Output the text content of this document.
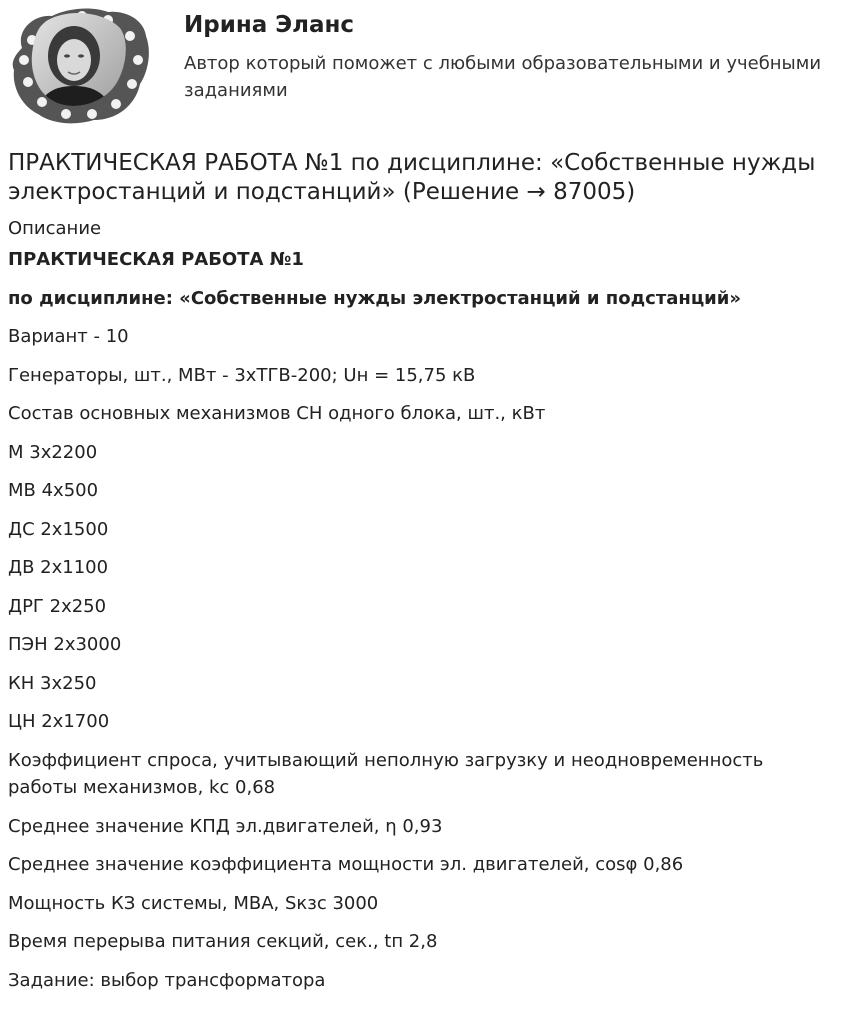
Ирина Эланс
Автор который поможет с любыми образовательными и учебными заданиями
ПРАКТИЧЕСКАЯ РАБОТА №1 по дисциплине: «Собственные нужды электростанций и подстанций» (Решение → 87005)
Описание

ПРАКТИЧЕСКАЯ РАБОТА №1

по дисциплине: «Собственные нужды электростанций и подстанций»

Вариант - 10

Генераторы, шт., МВт - 3хТГВ-200; Uн = 15,75 кВ

Состав основных механизмов СН одного блока, шт., кВт

М 3х2200

МВ 4х500

ДС 2х1500

ДВ 2х1100

ДРГ 2х250

ПЭН 2х3000

КН 3х250

ЦН 2х1700

Коэффициент спроса, учитывающий неполную загрузку и неодновременность работы механизмов, kс 0,68

Среднее значение КПД эл.двигателей, η 0,93

Среднее значение коэффициента мощности эл. двигателей, cosφ 0,86

Мощность КЗ системы, МВА, Sкзс 3000

Время перерыва питания секций, сек., tп 2,8

Задание: выбор трансформатора
